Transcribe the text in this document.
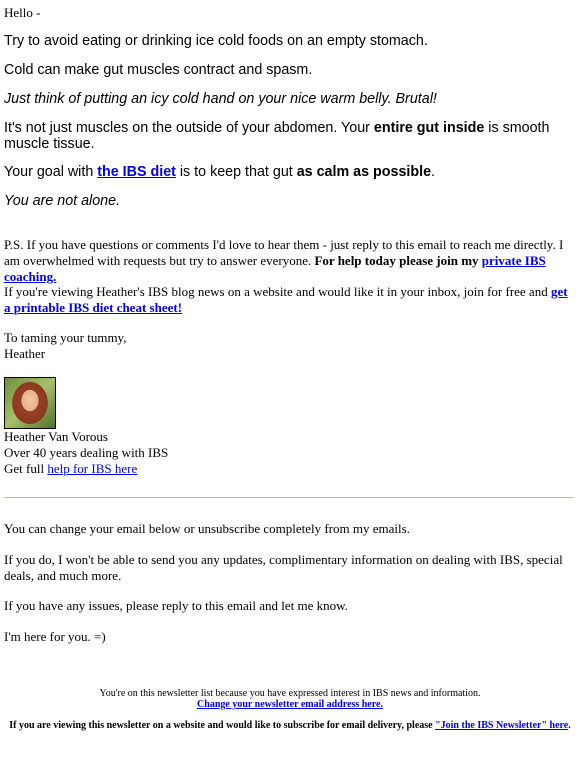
Hello -

Try to avoid eating or drinking ice cold foods on an empty stomach.

Cold can make gut muscles contract and spasm.

Just think of putting an icy cold hand on your nice warm belly. Brutal!

It's not just muscles on the outside of your abdomen. Your entire gut inside is smooth muscle tissue.

Your goal with the IBS diet is to keep that gut as calm as possible.

You are not alone.

P.S. If you have questions or comments I'd love to hear them - just reply to this email to reach me directly. I am overwhelmed with requests but try to answer everyone. For help today please join my private IBS coaching.

If you're viewing Heather's IBS blog news on a website and would like it in your inbox, join for free and get a printable IBS diet cheat sheet!

To taming your tummy,
Heather

Heather Van Vorous
Over 40 years dealing with IBS
Get full help for IBS here

You can change your email below or unsubscribe completely from my emails.

If you do, I won't be able to send you any updates, complimentary information on dealing with IBS, special deals, and much more.

If you have any issues, please reply to this email and let me know.

I'm here for you. =)

You're on this newsletter list because you have expressed interest in IBS news and information.
Change your newsletter email address here.
If you are viewing this newsletter on a website and would like to subscribe for email delivery, please "Join the IBS Newsletter" here.
